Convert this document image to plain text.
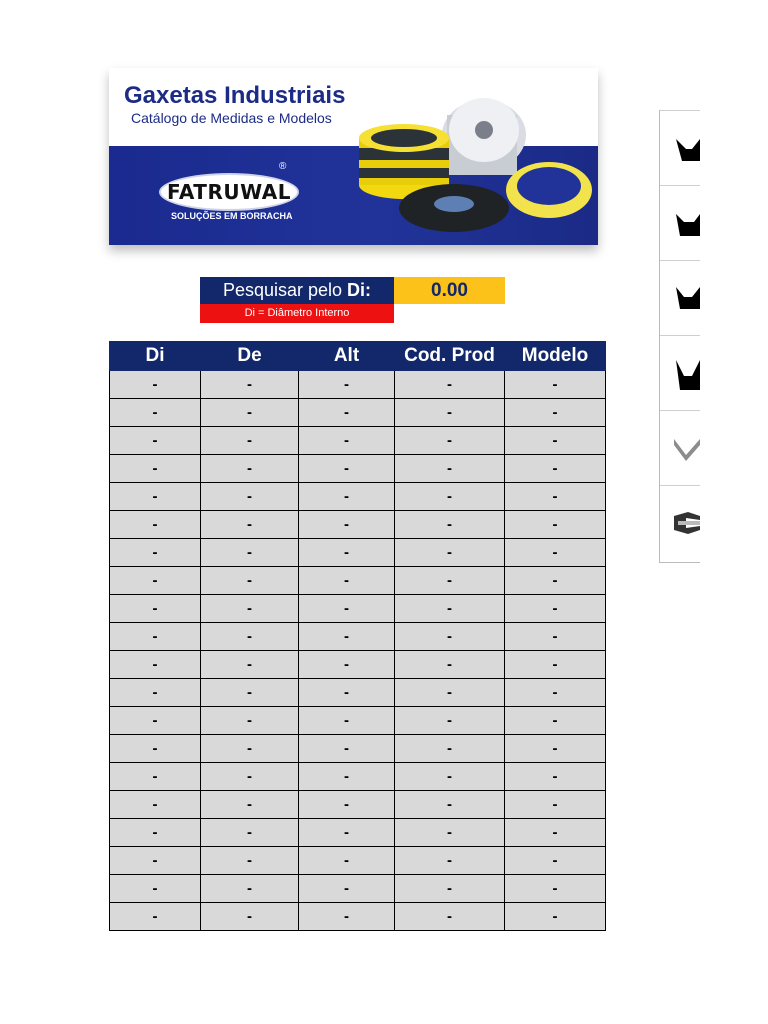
Gaxetas Industriais
Catálogo de Medidas e Modelos
FATRUWAL
®
SOLUÇÕES EM BORRACHA
Pesquisar pelo Di:	0.00
Di = Diâmetro Interno
Di	De	Alt	Cod. Prod	Modelo
-	-	-	-	-
-	-	-	-	-
-	-	-	-	-
-	-	-	-	-
-	-	-	-	-
-	-	-	-	-
-	-	-	-	-
-	-	-	-	-
-	-	-	-	-
-	-	-	-	-
-	-	-	-	-
-	-	-	-	-
-	-	-	-	-
-	-	-	-	-
-	-	-	-	-
-	-	-	-	-
-	-	-	-	-
-	-	-	-	-
-	-	-	-	-
-	-	-	-	-
